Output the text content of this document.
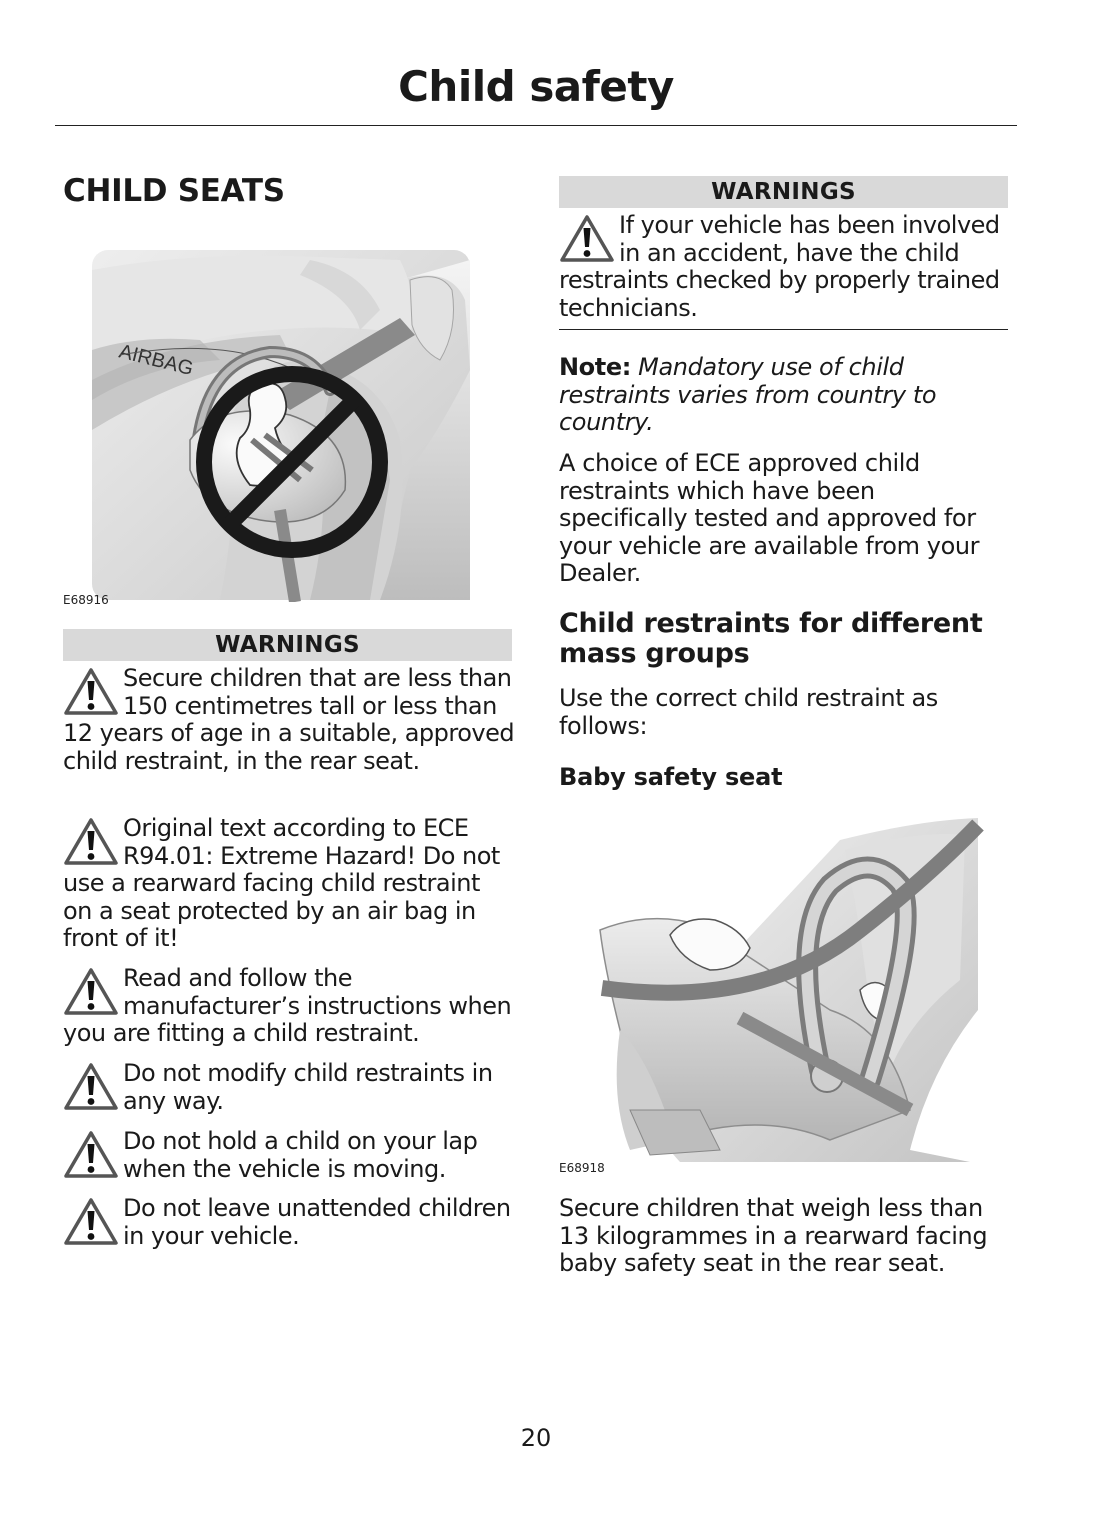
Child safety
CHILD SEATS
AIRBAG
E68916
WARNINGS
Secure children that are less than 150 centimetres tall or less than 12 years of age in a suitable, approved child restraint, in the rear seat.
Original text according to ECE R94.01: Extreme Hazard! Do not use a rearward facing child restraint on a seat protected by an air bag in front of it!
Read and follow the manufacturer’s instructions when you are fitting a child restraint.
Do not modify child restraints in any way.
Do not hold a child on your lap when the vehicle is moving.
Do not leave unattended children in your vehicle.
WARNINGS
If your vehicle has been involved in an accident, have the child restraints checked by properly trained technicians.

Note: Mandatory use of child restraints varies from country to country.

A choice of ECE approved child restraints which have been specifically tested and approved for your vehicle are available from your Dealer.

Child restraints for different mass groups

Use the correct child restraint as follows:

Baby safety seat
E68918

Secure children that weigh less than 13 kilogrammes in a rearward facing baby safety seat in the rear seat.

20
